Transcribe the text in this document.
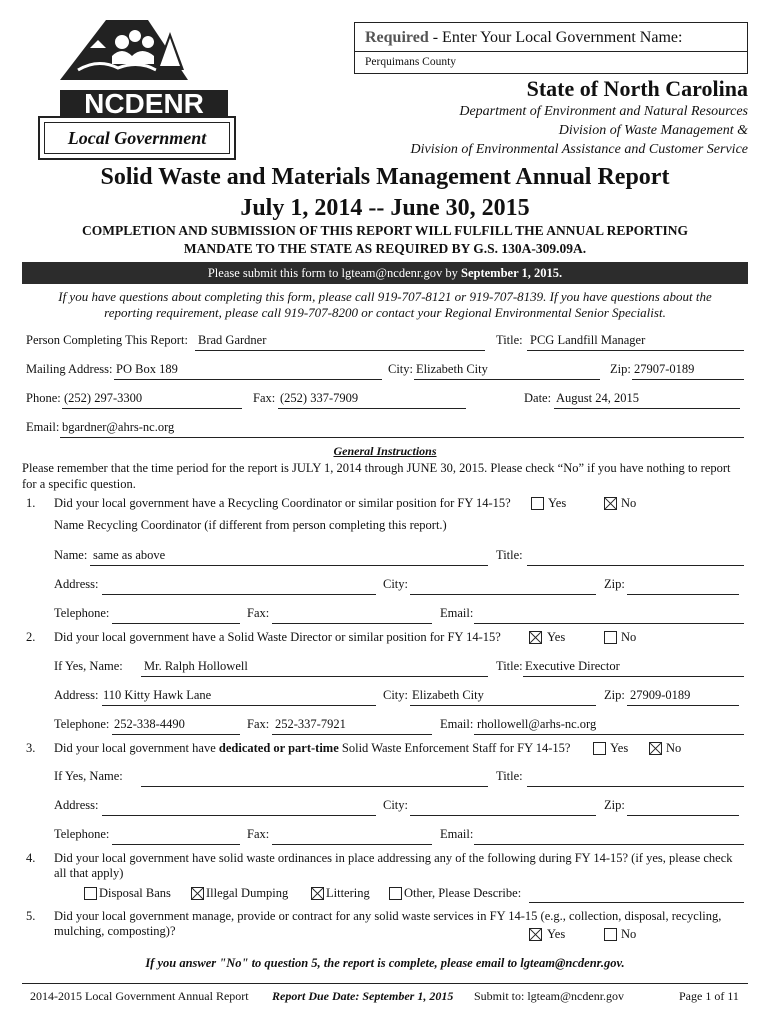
NCDENR
Local Government
Required - Enter Your Local Government Name:
Perquimans County
State of North Carolina
Department of Environment and Natural Resources
Division of Waste Management &
Division of Environmental Assistance and Customer Service
Solid Waste and Materials Management Annual Report
July 1, 2014 -- June 30, 2015
COMPLETION AND SUBMISSION OF THIS REPORT WILL FULFILL THE ANNUAL REPORTING
MANDATE TO THE STATE AS REQUIRED BY G.S. 130A-309.09A.
Please submit this form to lgteam@ncdenr.gov by September 1, 2015.
If you have questions about completing this form, please call 919-707-8121 or 919-707-8139. If you have questions about the
reporting requirement, please call 919-707-8200 or contact your Regional Environmental Senior Specialist.
Person Completing This Report: Brad Gardner	Title: PCG Landfill Manager
Mailing Address: PO Box 189	City: Elizabeth City	Zip: 27907-0189
Phone: (252) 297-3300	Fax: (252) 337-7909	Date: August 24, 2015
Email: bgardner@ahrs-nc.org
General Instructions
Please remember that the time period for the report is JULY 1, 2014 through JUNE 30, 2015. Please check “No” if you have nothing to report
for a specific question.
1. Did your local government have a Recycling Coordinator or similar position for FY 14-15?	Yes	No
Name Recycling Coordinator (if different from person completing this report.)
Name: same as above	Title:
Address:	City:	Zip:
Telephone:	Fax:	Email:
2. Did your local government have a Solid Waste Director or similar position for FY 14-15?	Yes	No
If Yes, Name: Mr. Ralph Hollowell	Title: Executive Director
Address: 110 Kitty Hawk Lane	City: Elizabeth City	Zip: 27909-0189
Telephone: 252-338-4490	Fax: 252-337-7921	Email: rhollowell@arhs-nc.org
3. Did your local government have dedicated or part-time Solid Waste Enforcement Staff for FY 14-15?	Yes	No
If Yes, Name:	Title:
Address:	City:	Zip:
Telephone:	Fax:	Email:
4. Did your local government have solid waste ordinances in place addressing any of the following during FY 14-15? (if yes, please check
all that apply)
Disposal Bans	Illegal Dumping	Littering	Other, Please Describe:
5. Did your local government manage, provide or contract for any solid waste services in FY 14-15 (e.g., collection, disposal, recycling,
mulching, composting)?	Yes	No
If you answer "No" to question 5, the report is complete, please email to lgteam@ncdenr.gov.
2014-2015 Local Government Annual Report Report Due Date: September 1, 2015 Submit to: lgteam@ncdenr.gov	Page 1 of 11
